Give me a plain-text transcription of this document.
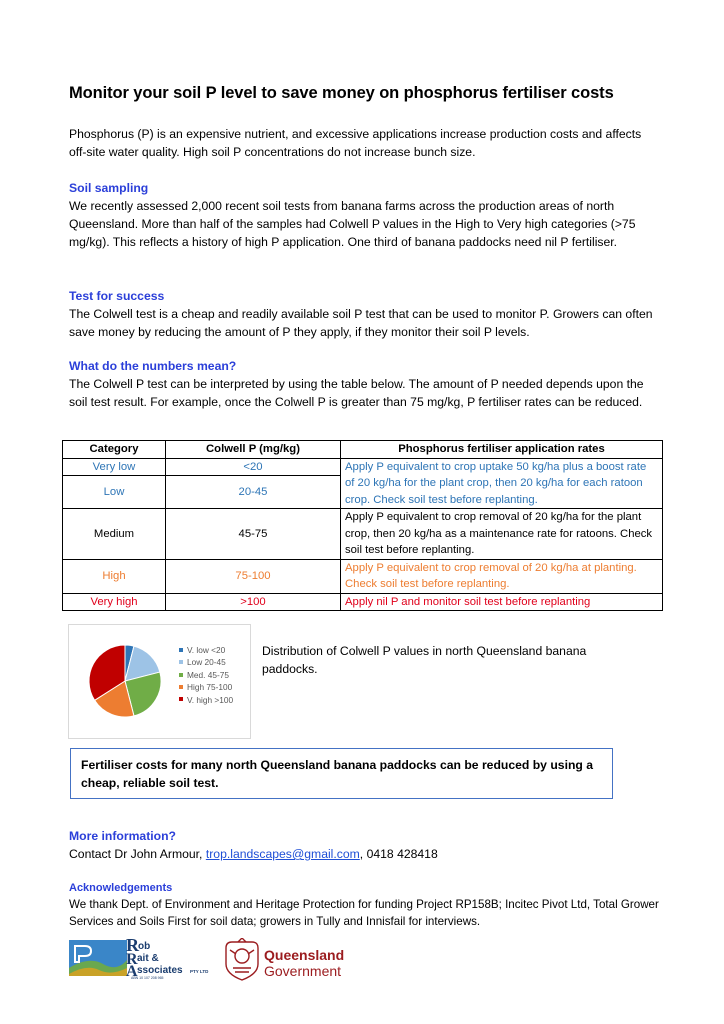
Monitor your soil P level to save money on phosphorus fertiliser costs

Phosphorus (P) is an expensive nutrient, and excessive applications increase production costs and affects off-site water quality. High soil P concentrations do not increase bunch size.

Soil sampling

We recently assessed 2,000 recent soil tests from banana farms across the production areas of north Queensland. More than half of the samples had Colwell P values in the High to Very high categories (>75 mg/kg). This reflects a history of high P application. One third of banana paddocks need nil P fertiliser.

Test for success

The Colwell test is a cheap and readily available soil P test that can be used to monitor P. Growers can often save money by reducing the amount of P they apply, if they monitor their soil P levels.

What do the numbers mean?

The Colwell P test can be interpreted by using the table below. The amount of P needed depends upon the soil test result. For example, once the Colwell P is greater than 75 mg/kg, P fertiliser rates can be reduced.

Category	Colwell P (mg/kg)	Phosphorus fertiliser application rates
Very low	<20	Apply P equivalent to crop uptake 50 kg/ha plus a boost rate of 20 kg/ha for the plant crop, then 20 kg/ha for each ratoon crop. Check soil test before replanting.
Low	20-45	
Medium	45-75	Apply P equivalent to crop removal of 20 kg/ha for the plant crop, then 20 kg/ha as a maintenance rate for ratoons. Check soil test before replanting.
High	75-100	Apply P equivalent to crop removal of 20 kg/ha at planting. Check soil test before replanting.
Very high	>100	Apply nil P and monitor soil test before replanting
V. low <20
Low 20-45
Med. 45-75
High 75-100
V. high >100

Distribution of Colwell P values in north Queensland banana paddocks.

Fertiliser costs for many north Queensland banana paddocks can be reduced by using a cheap, reliable soil test.

More information?

Contact Dr John Armour, trop.landscapes@gmail.com, 0418 428418

Acknowledgements

We thank Dept. of Environment and Heritage Protection for funding Project RP158B; Incitec Pivot Ltd, Total Grower Services and Soils First for soil data; growers in Tully and Innisfail for interviews.

R ob
R ait &
A ssociates PTY LTD
ABN 10 107 208 965
Queensland
Government
